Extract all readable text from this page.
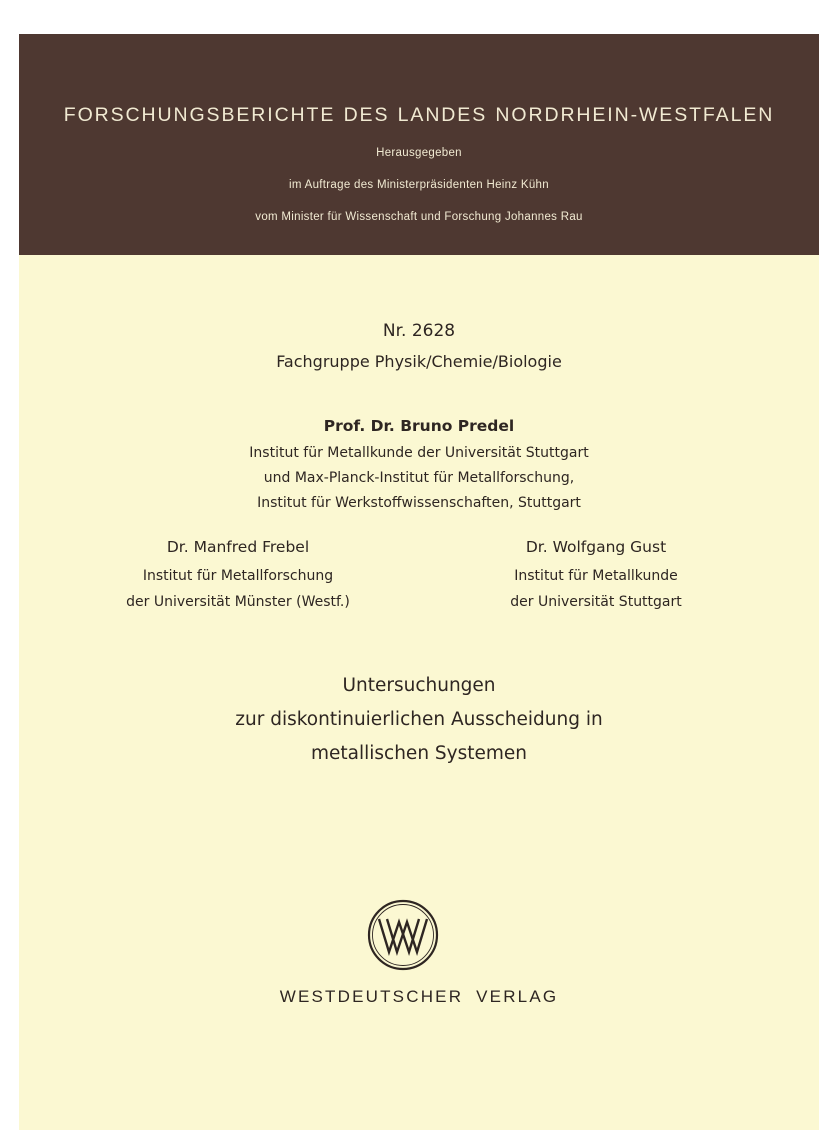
FORSCHUNGSBERICHTE DES LANDES NORDRHEIN-WESTFALEN
Herausgegeben
im Auftrage des Ministerpräsidenten Heinz Kühn
vom Minister für Wissenschaft und Forschung Johannes Rau
Nr. 2628
Fachgruppe Physik/Chemie/Biologie
Prof. Dr. Bruno Predel
Institut für Metallkunde der Universität Stuttgart
und Max-Planck-Institut für Metallforschung,
Institut für Werkstoffwissenschaften, Stuttgart
Dr. Manfred Frebel
Institut für Metallforschung
der Universität Münster (Westf.)
Dr. Wolfgang Gust
Institut für Metallkunde
der Universität Stuttgart
Untersuchungen
zur diskontinuierlichen Ausscheidung in
metallischen Systemen
WESTDEUTSCHER VERLAG
